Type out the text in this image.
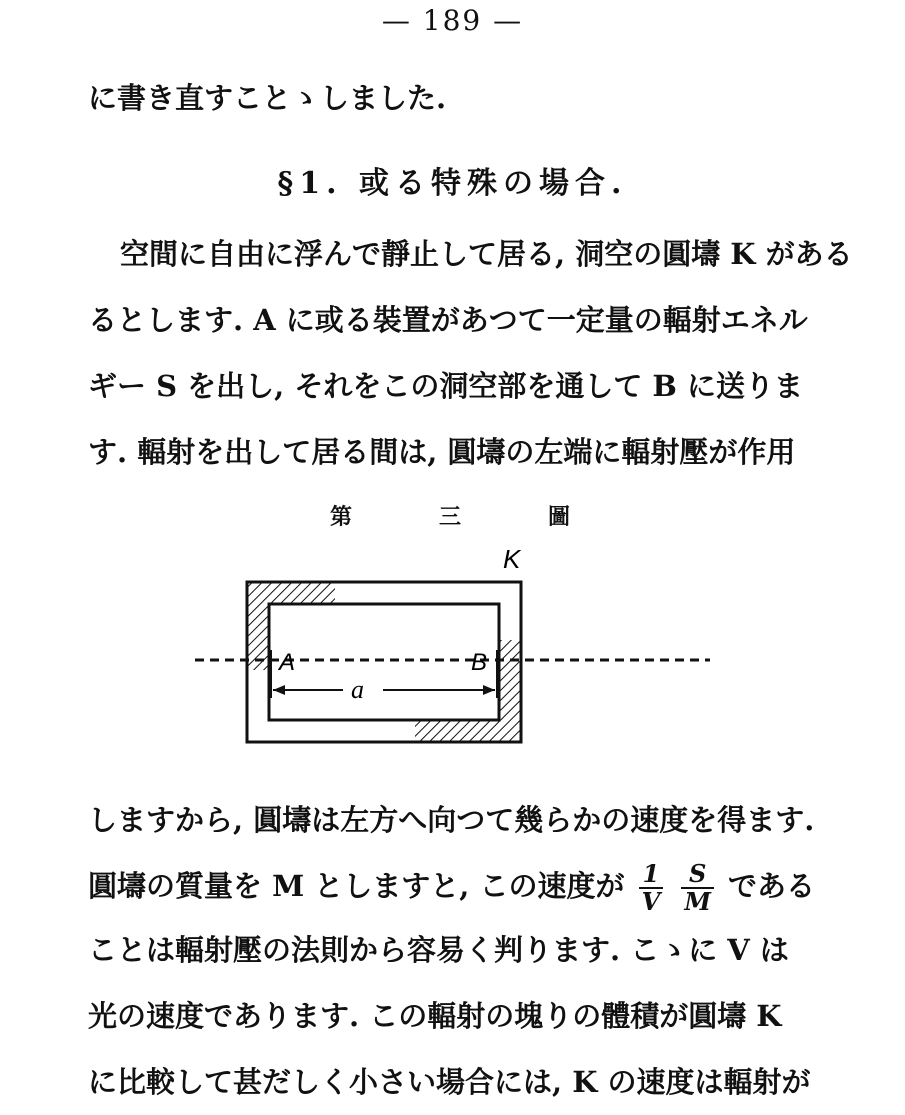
— 189 —
に書き直すことゝしました.
§1. 或る特殊の場合.
空間に自由に浮んで靜止して居る, 洞空の圓壔 K がある
るとします. A に或る裝置があつて一定量の輻射エネル
ギー S を出し, それをこの洞空部を通して B に送りま
す. 輻射を出して居る間は, 圓壔の左端に輻射壓が作用
第	三	圖
K
A	B
a
しますから, 圓壔は左方へ向つて幾らかの速度を得ます.
圓壔の質量を M としますと, この速度が $\frac{1}{V}$
$\frac{S}{M}$ である
ことは輻射壓の法則から容易く判ります. こゝに V は
光の速度であります. この輻射の塊りの體積が圓壔 K
に比較して甚だしく小さい場合には, K の速度は輻射が
